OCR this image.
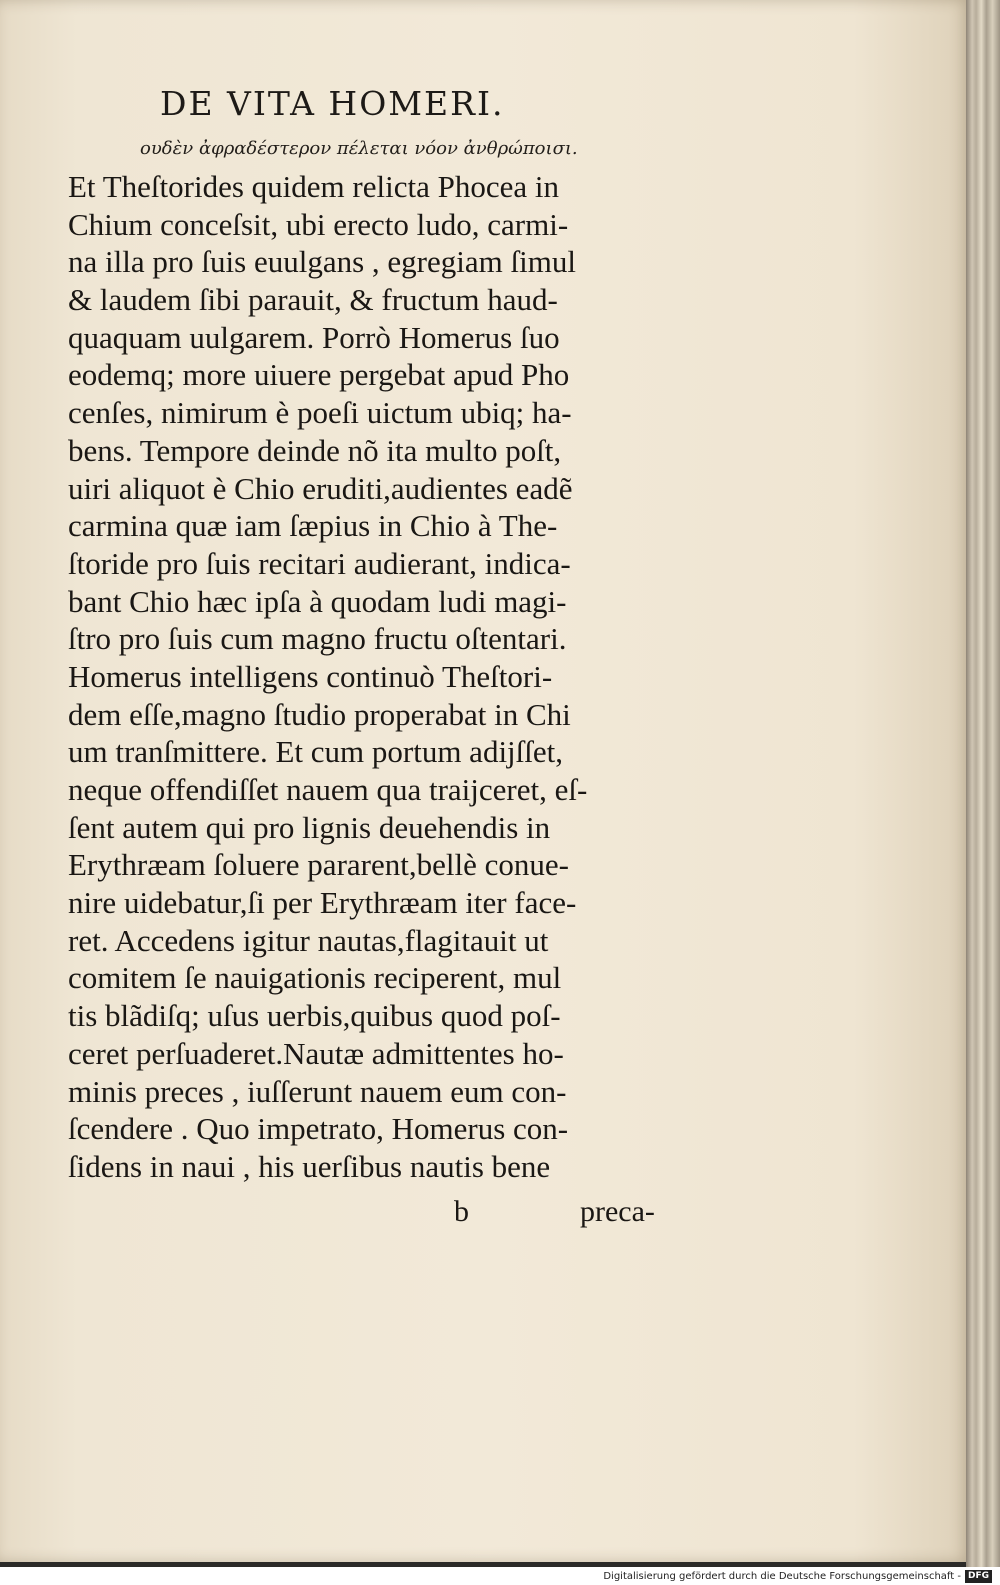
DE VITA HOMERI.
ουδὲν ἀφραδέστερον πέλεται νόον ἀνθρώποισι.
Et Theſtorides quidem relicta Phocea in
Chium conceſsit, ubi erecto ludo, carmi-
na illa pro ſuis euulgans , egregiam ſimul
& laudem ſibi parauit, & fructum haud-
quaquam uulgarem. Porrò Homerus ſuo
eodemq; more uiuere pergebat apud Pho
cenſes, nimirum è poeſi uictum ubiq; ha-
bens. Tempore deinde nõ ita multo poſt,
uiri aliquot è Chio eruditi,audientes eadẽ
carmina quæ iam ſæpius in Chio à The-
ſtoride pro ſuis recitari audierant, indica-
bant Chio hæc ipſa à quodam ludi magi-
ſtro pro ſuis cum magno fructu oſtentari.
Homerus intelligens continuò Theſtori-
dem eſſe,magno ſtudio properabat in Chi
um tranſmittere. Et cum portum adijſſet,
neque offendiſſet nauem qua traijceret, eſ-
ſent autem qui pro lignis deuehendis in
Erythræam ſoluere pararent,bellè conue-
nire uidebatur,ſi per Erythræam iter face-
ret. Accedens igitur nautas,flagitauit ut
comitem ſe nauigationis reciperent, mul
tis blãdiſq; uſus uerbis,quibus quod poſ-
ceret perſuaderet.Nautæ admittentes ho-
minis preces , iuſſerunt nauem eum con-
ſcendere . Quo impetrato, Homerus con-
ſidens in naui , his uerſibus nautis bene
b	preca-
Digitalisierung gefördert durch die Deutsche Forschungsgemeinschaft - DFG
